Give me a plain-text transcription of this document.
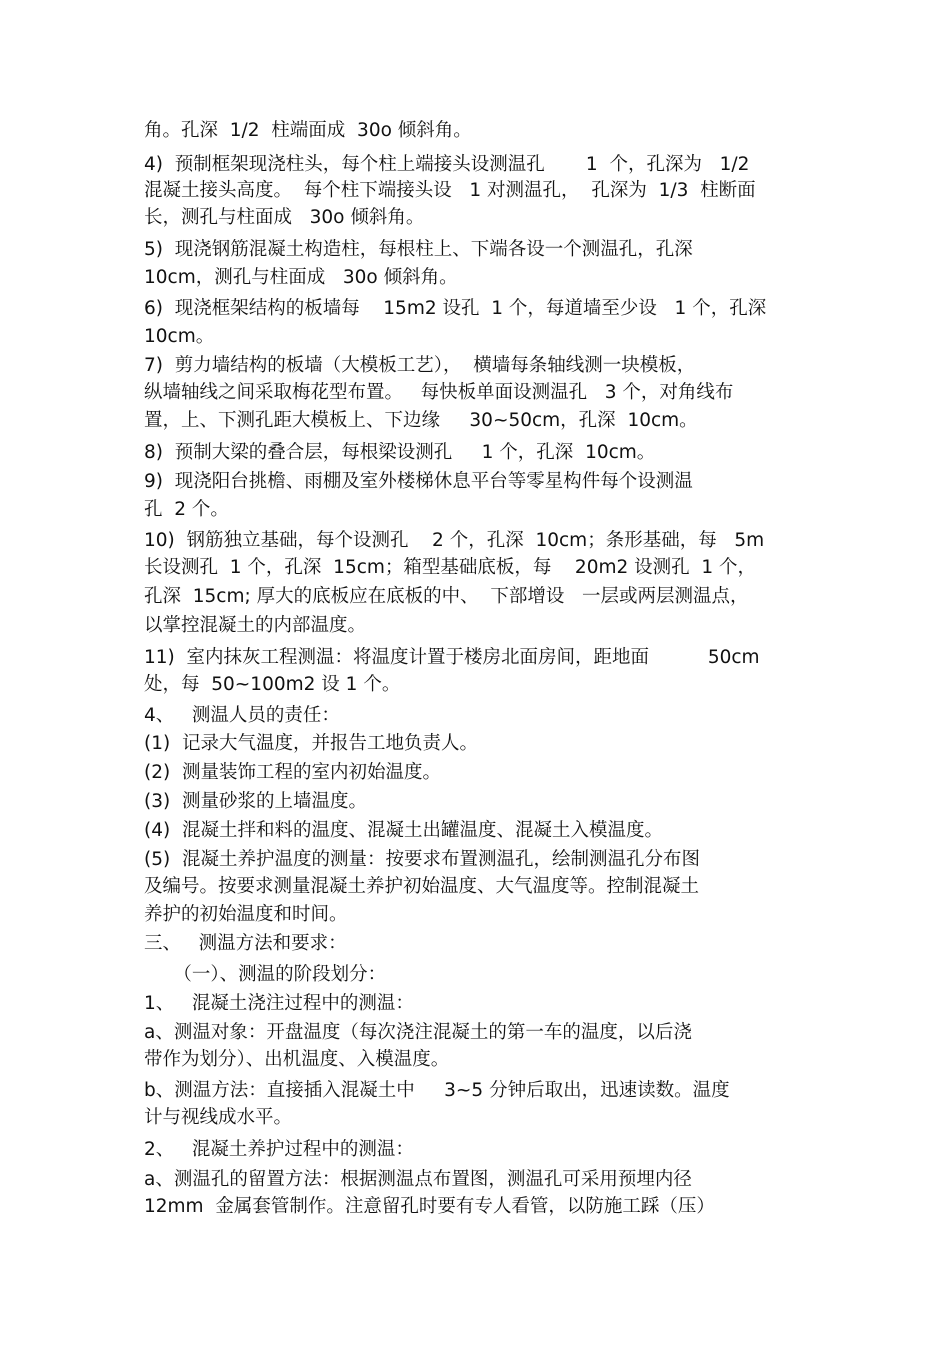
角。孔深  1/2  柱端面成  30o 倾斜角。
4)  预制框架现浇柱头，每个柱上端接头设测温孔       1  个，孔深为   1/2
混凝土接头高度。  每个柱下端接头设   1 对测温孔，  孔深为  1/3  柱断面
长，测孔与柱面成   30o 倾斜角。
5)  现浇钢筋混凝土构造柱，每根柱上、下端各设一个测温孔，孔深
10cm，测孔与柱面成   30o 倾斜角。
6)  现浇框架结构的板墙每    15m2 设孔  1 个，每道墙至少设   1 个，孔深
10cm。
7)  剪力墙结构的板墙（大模板工艺），  横墙每条轴线测一块模板，
纵墙轴线之间采取梅花型布置。   每快板单面设测温孔   3 个，对角线布
置，上、下测孔距大模板上、下边缘     30~50cm，孔深  10cm。
8)  预制大梁的叠合层，每根梁设测孔     1 个，孔深  10cm。
9)  现浇阳台挑檐、雨棚及室外楼梯休息平台等零星构件每个设测温
孔  2 个。
10)  钢筋独立基础，每个设测孔    2 个，孔深  10cm；条形基础，每   5m
长设测孔  1 个，孔深  15cm；箱型基础底板，每    20m2 设测孔  1 个，
孔深  15cm; 厚大的底板应在底板的中、  下部增设   一层或两层测温点，
以掌控混凝土的内部温度。
11)  室内抹灰工程测温：将温度计置于楼房北面房间，距地面          50cm
处，每  50~100m2 设 1 个。
4、   测温人员的责任：
(1)  记录大气温度，并报告工地负责人。
(2)  测量装饰工程的室内初始温度。
(3)  测量砂浆的上墙温度。
(4)  混凝土拌和料的温度、混凝土出罐温度、混凝土入模温度。
(5)  混凝土养护温度的测量：按要求布置测温孔，绘制测温孔分布图
及编号。按要求测量混凝土养护初始温度、大气温度等。控制混凝土
养护的初始温度和时间。
三、   测温方法和要求：
（一）、测温的阶段划分：
1、   混凝土浇注过程中的测温：
a、测温对象：开盘温度（每次浇注混凝土的第一车的温度，以后浇
带作为划分）、出机温度、入模温度。
b、测温方法：直接插入混凝土中     3~5 分钟后取出，迅速读数。温度
计与视线成水平。
2、   混凝土养护过程中的测温：
a、测温孔的留置方法：根据测温点布置图，测温孔可采用预埋内径
12mm  金属套管制作。注意留孔时要有专人看管，以防施工踩（压）
